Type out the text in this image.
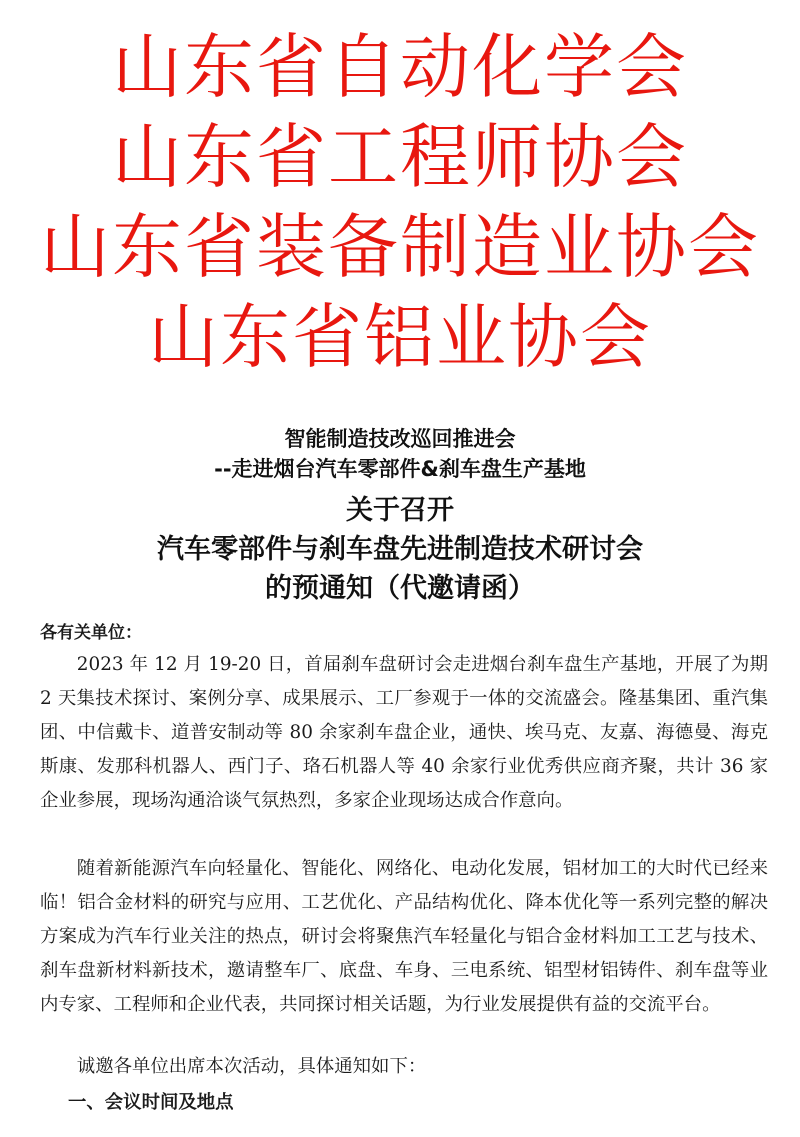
山东省自动化学会
山东省工程师协会
山东省装备制造业协会
山东省铝业协会
智能制造技改巡回推进会
--走进烟台汽车零部件&刹车盘生产基地
关于召开
汽车零部件与刹车盘先进制造技术研讨会
的预通知（代邀请函）
各有关单位：

2023 年 12 月 19-20 日，首届刹车盘研讨会走进烟台刹车盘生产基地，开展了为期 2 天集技术探讨、案例分享、成果展示、工厂参观于一体的交流盛会。隆基集团、重汽集团、中信戴卡、道普安制动等 80 余家刹车盘企业，通快、埃马克、友嘉、海德曼、海克斯康、发那科机器人、西门子、珞石机器人等 40 余家行业优秀供应商齐聚，共计 36 家企业参展，现场沟通洽谈气氛热烈，多家企业现场达成合作意向。

随着新能源汽车向轻量化、智能化、网络化、电动化发展，铝材加工的大时代已经来临！铝合金材料的研究与应用、工艺优化、产品结构优化、降本优化等一系列完整的解决方案成为汽车行业关注的热点，研讨会将聚焦汽车轻量化与铝合金材料加工工艺与技术、刹车盘新材料新技术，邀请整车厂、底盘、车身、三电系统、铝型材铝铸件、刹车盘等业内专家、工程师和企业代表，共同探讨相关话题，为行业发展提供有益的交流平台。

诚邀各单位出席本次活动，具体通知如下：

一、会议时间及地点
